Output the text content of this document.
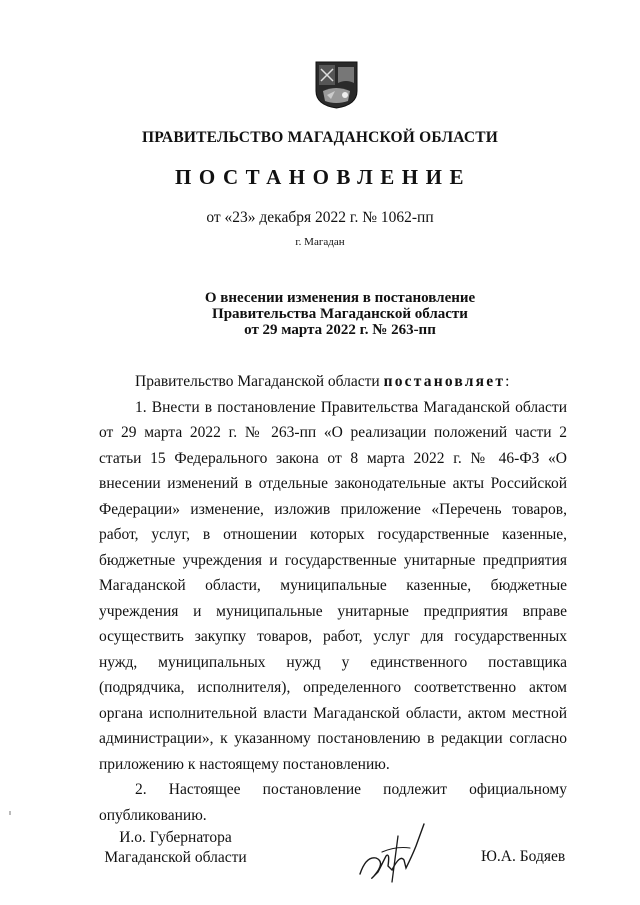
ПРАВИТЕЛЬСТВО МАГАДАНСКОЙ ОБЛАСТИ
ПОСТАНОВЛЕНИЕ
от «23» декабря 2022 г. № 1062-пп
г. Магадан
О внесении изменения в постановление
Правительства Магаданской области
от 29 марта 2022 г. № 263-пп

Правительство Магаданской области постановляет:

1. Внести в постановление Правительства Магаданской области от 29 марта 2022 г. № 263-пп «О реализации положений части 2 статьи 15 Федерального закона от 8 марта 2022 г. № 46-ФЗ «О внесении изменений в отдельные законодательные акты Российской Федерации» изменение, изложив приложение «Перечень товаров, работ, услуг, в отношении которых государственные казенные, бюджетные учреждения и государственные унитарные предприятия Магаданской области, муниципальные казенные, бюджетные учреждения и муниципальные унитарные предприятия вправе осуществить закупку товаров, работ, услуг для государственных нужд, муниципальных нужд у единственного поставщика (подрядчика, исполнителя), определенного соответственно актом органа исполнительной власти Магаданской области, актом местной администрации», к указанному постановлению в редакции согласно приложению к настоящему постановлению.

2. Настоящее постановление подлежит официальному опубликованию.

И.о. Губернатора
Магаданской области	Ю.А. Бодяев
